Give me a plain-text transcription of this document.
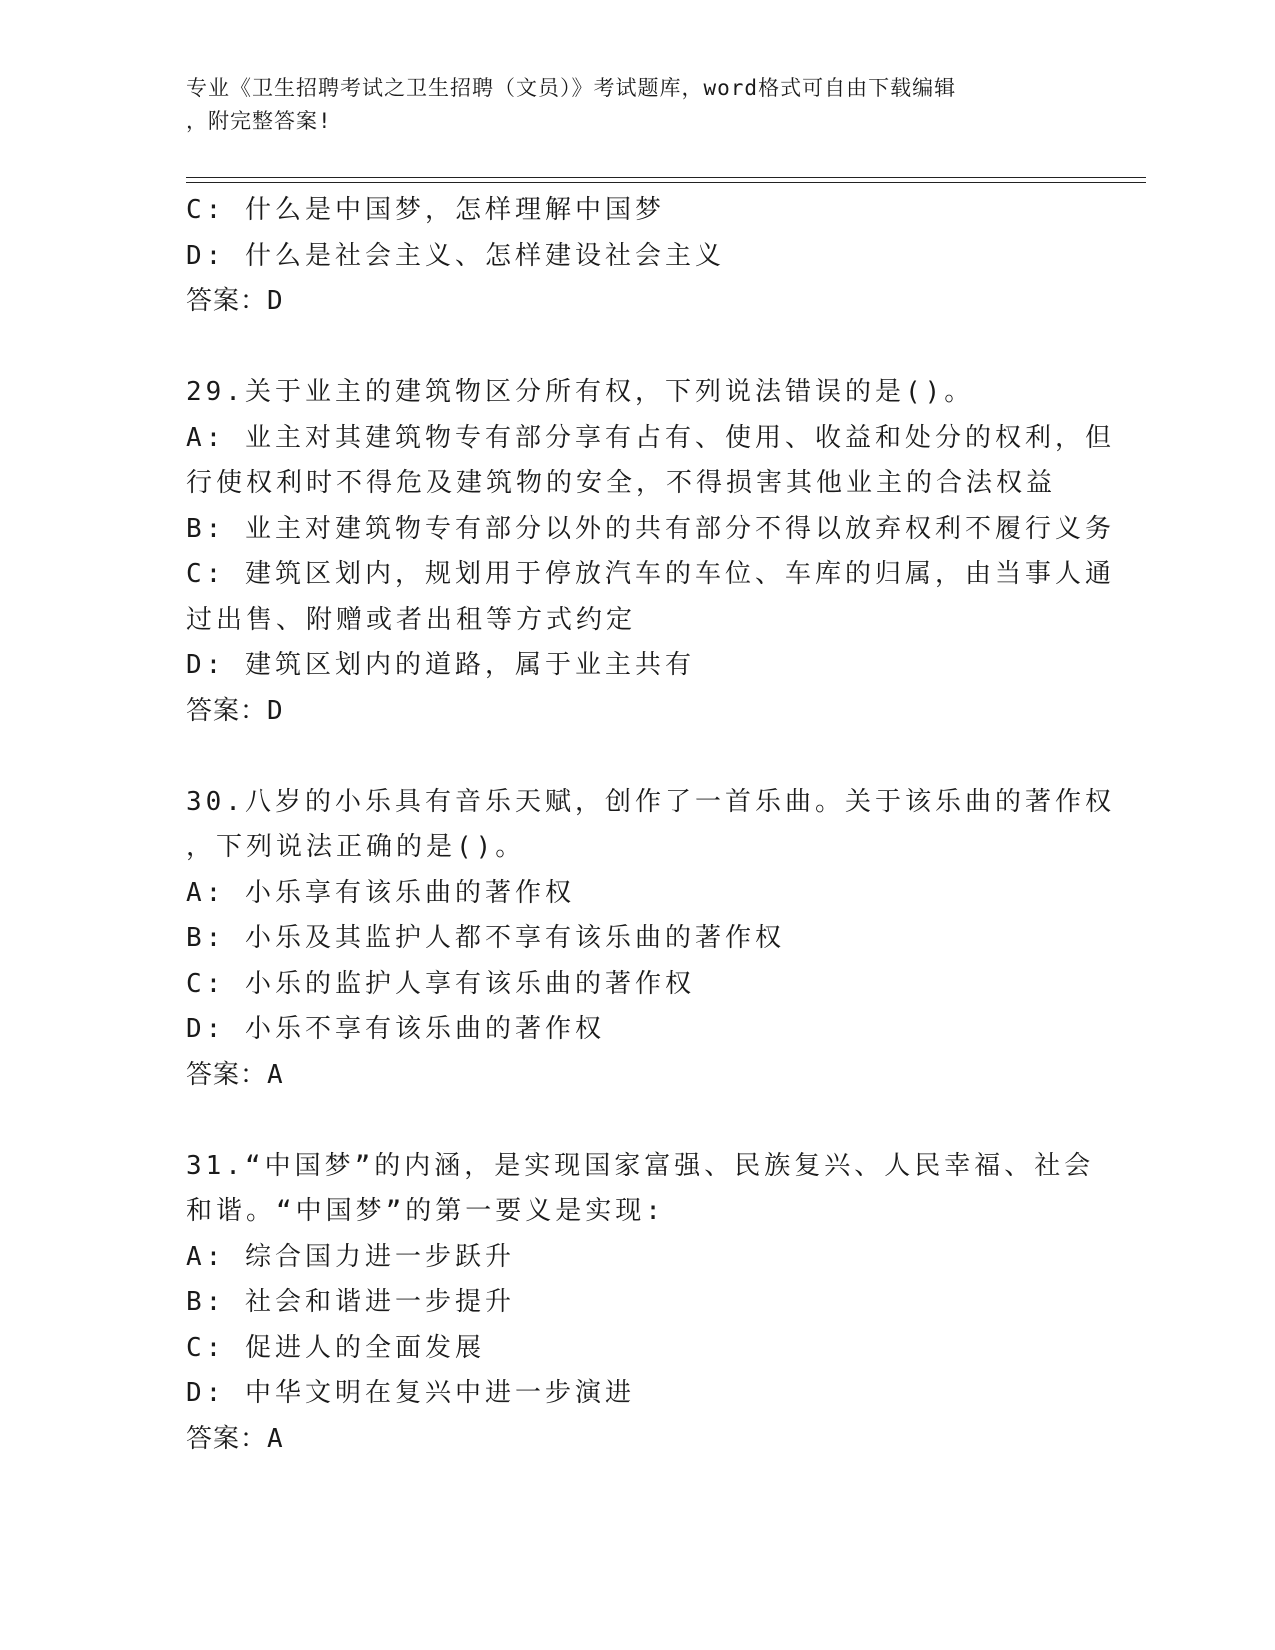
专业《卫生招聘考试之卫生招聘（文员）》考试题库，word格式可自由下载编辑
，附完整答案!
C: 什么是中国梦，怎样理解中国梦
D: 什么是社会主义、怎样建设社会主义
答案：D
29.关于业主的建筑物区分所有权，下列说法错误的是()。
A: 业主对其建筑物专有部分享有占有、使用、收益和处分的权利，但
行使权利时不得危及建筑物的安全，不得损害其他业主的合法权益
B: 业主对建筑物专有部分以外的共有部分不得以放弃权利不履行义务
C: 建筑区划内，规划用于停放汽车的车位、车库的归属，由当事人通
过出售、附赠或者出租等方式约定
D: 建筑区划内的道路，属于业主共有
答案：D
30.八岁的小乐具有音乐天赋，创作了一首乐曲。关于该乐曲的著作权
，下列说法正确的是()。
A: 小乐享有该乐曲的著作权
B: 小乐及其监护人都不享有该乐曲的著作权
C: 小乐的监护人享有该乐曲的著作权
D: 小乐不享有该乐曲的著作权
答案：A
31.“中国梦”的内涵，是实现国家富强、民族复兴、人民幸福、社会
和谐。“中国梦”的第一要义是实现:
A: 综合国力进一步跃升
B: 社会和谐进一步提升
C: 促进人的全面发展
D: 中华文明在复兴中进一步演进
答案：A
